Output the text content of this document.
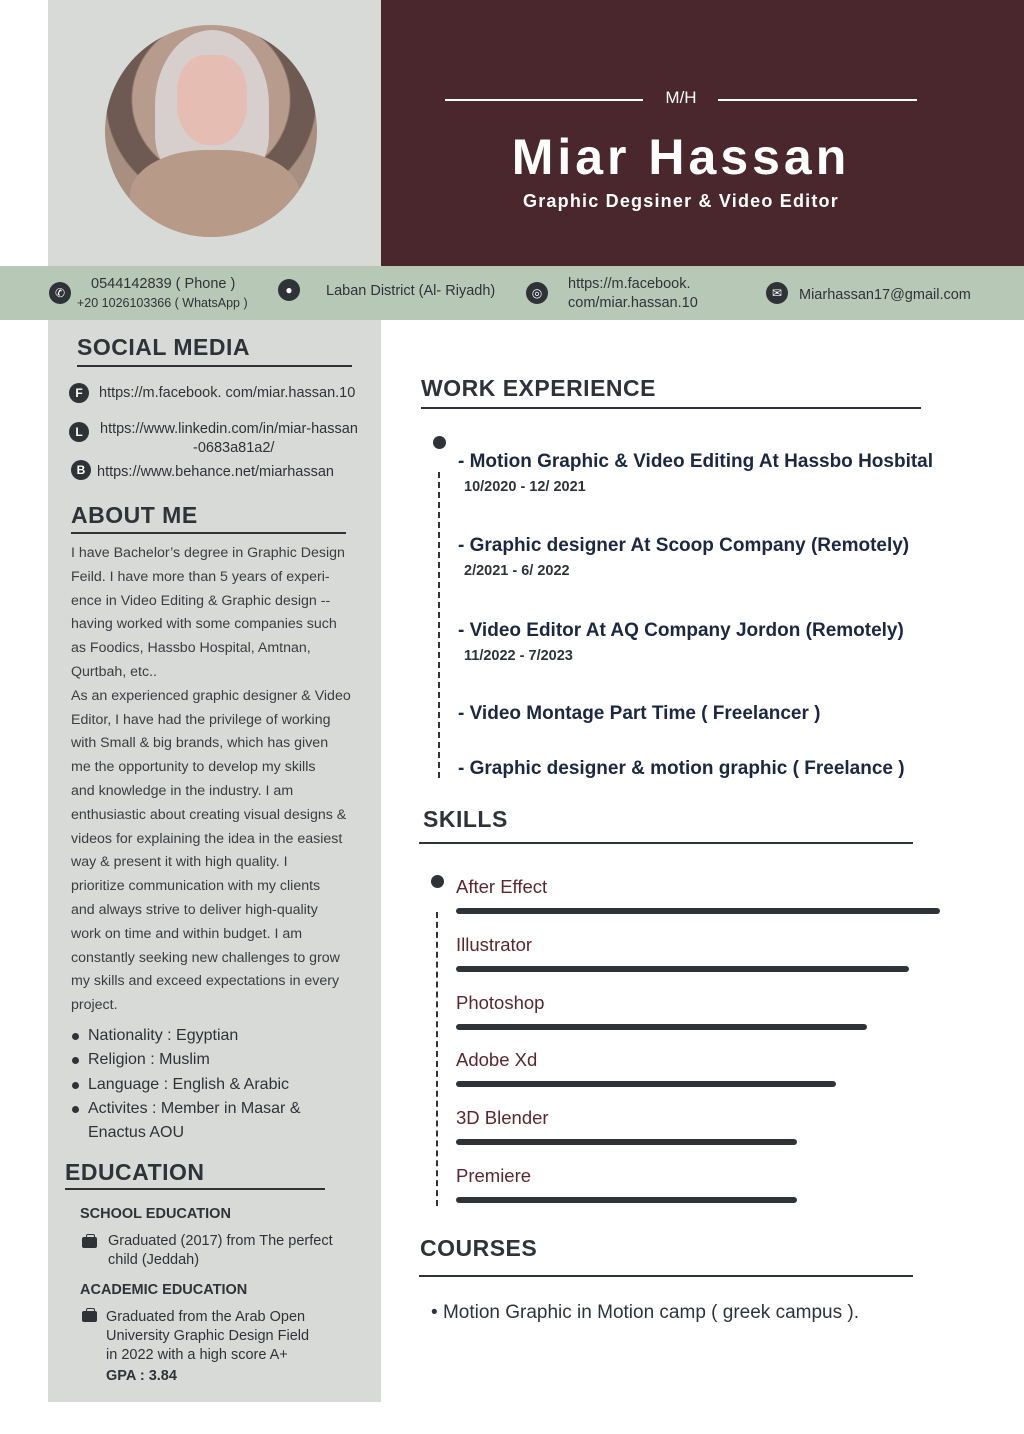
M/H
Miar Hassan
Graphic Degsiner & Video Editor
✆
0544142839 ( Phone )
+20 1026103366 ( WhatsApp )
●	Laban District (Al- Riyadh)	◎
https://m.facebook.
com/miar.hassan.10
✉	Miarhassan17@gmail.com
SOCIAL MEDIA
F	https://m.facebook. com/miar.hassan.10
L	https://www.linkedin.com/in/miar-hassan
-0683a81a2/
B https://www.behance.net/miarhassan
ABOUT ME

I have Bachelor’s degree in Graphic Design
Feild. I have more than 5 years of experi-
ence in Video Editing & Graphic design --
having worked with some companies such
as Foodics, Hassbo Hospital, Amtnan,
Qurtbah, etc..
As an experienced graphic designer & Video
Editor, I have had the privilege of working
with Small & big brands, which has given
me the opportunity to develop my skills
and knowledge in the industry. I am
enthusiastic about creating visual designs &
videos for explaining the idea in the easiest
way & present it with high quality. I
prioritize communication with my clients
and always strive to deliver high-quality
work on time and within budget. I am
constantly seeking new challenges to grow
my skills and exceed expectations in every
project.

Nationality : Egyptian
Religion : Muslim
Language : English & Arabic
Activites : Member in Masar &
Enactus AOU
EDUCATION
SCHOOL EDUCATION
Graduated (2017) from The perfect
child (Jeddah)
ACADEMIC EDUCATION
Graduated from the Arab Open
University Graphic Design Field
in 2022 with a high score A+
GPA : 3.84
WORK EXPERIENCE
- Motion Graphic & Video Editing At Hassbo Hosbital
10/2020 - 12/ 2021
- Graphic designer At Scoop Company (Remotely)
2/2021 - 6/ 2022
- Video Editor At AQ Company Jordon (Remotely)
11/2022 - 7/2023
- Video Montage Part Time ( Freelancer )
- Graphic designer & motion graphic ( Freelance )
SKILLS
After Effect
Illustrator
Photoshop
Adobe Xd
3D Blender
Premiere
COURSES
• Motion Graphic in Motion camp ( greek campus ).
